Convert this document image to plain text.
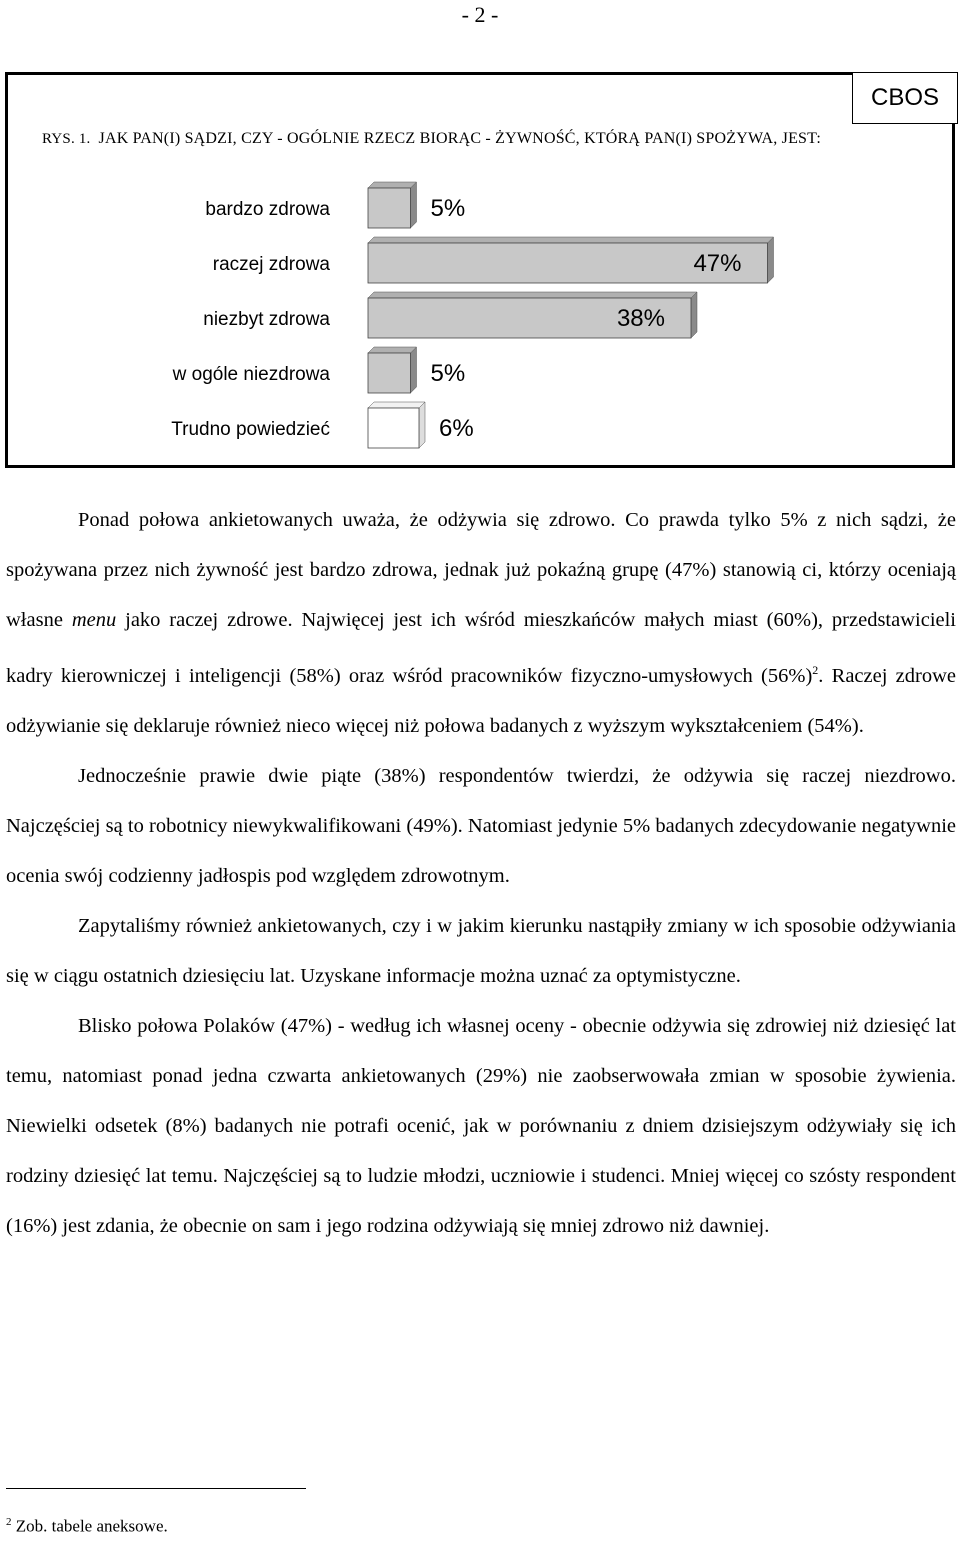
- 2 -
CBOS
RYS. 1. JAK PAN(I) SĄDZI, CZY - OGÓLNIE RZECZ BIORĄC - ŻYWNOŚĆ, KTÓRĄ PAN(I) SPOŻYWA, JEST:
bardzo zdrowa	5%
raczej zdrowa	47%
niezbyt zdrowa	38%
w ogóle niezdrowa	5%
Trudno powiedzieć	6%

Ponad połowa ankietowanych uważa, że odżywia się zdrowo. Co prawda tylko 5% z nich sądzi, że spożywana przez nich żywność jest bardzo zdrowa, jednak już pokaźną grupę (47%) stanowią ci, którzy oceniają własne menu jako raczej zdrowe. Najwięcej jest ich wśród mieszkańców małych miast (60%), przedstawicieli kadry kierowniczej i inteligencji (58%) oraz wśród pracowników fizyczno-umysłowych $(56\%)^2$. Raczej zdrowe odżywianie się deklaruje również nieco więcej niż połowa badanych z wyższym wykształceniem (54%).

Jednocześnie prawie dwie piąte (38%) respondentów twierdzi, że odżywia się raczej niezdrowo. Najczęściej są to robotnicy niewykwalifikowani (49%). Natomiast jedynie 5% badanych zdecydowanie negatywnie ocenia swój codzienny jadłospis pod względem zdrowotnym.

Zapytaliśmy również ankietowanych, czy i w jakim kierunku nastąpiły zmiany w ich sposobie odżywiania się w ciągu ostatnich dziesięciu lat. Uzyskane informacje można uznać za optymistyczne.

Blisko połowa Polaków (47%) - według ich własnej oceny - obecnie odżywia się zdrowiej niż dziesięć lat temu, natomiast ponad jedna czwarta ankietowanych (29%) nie zaobserwowała zmian w sposobie żywienia. Niewielki odsetek (8%) badanych nie potrafi ocenić, jak w porównaniu z dniem dzisiejszym odżywiały się ich rodziny dziesięć lat temu. Najczęściej są to ludzie młodzi, uczniowie i studenci. Mniej więcej co szósty respondent (16%) jest zdania, że obecnie on sam i jego rodzina odżywiają się mniej zdrowo niż dawniej.

$^2$ Zob. tabele aneksowe.
